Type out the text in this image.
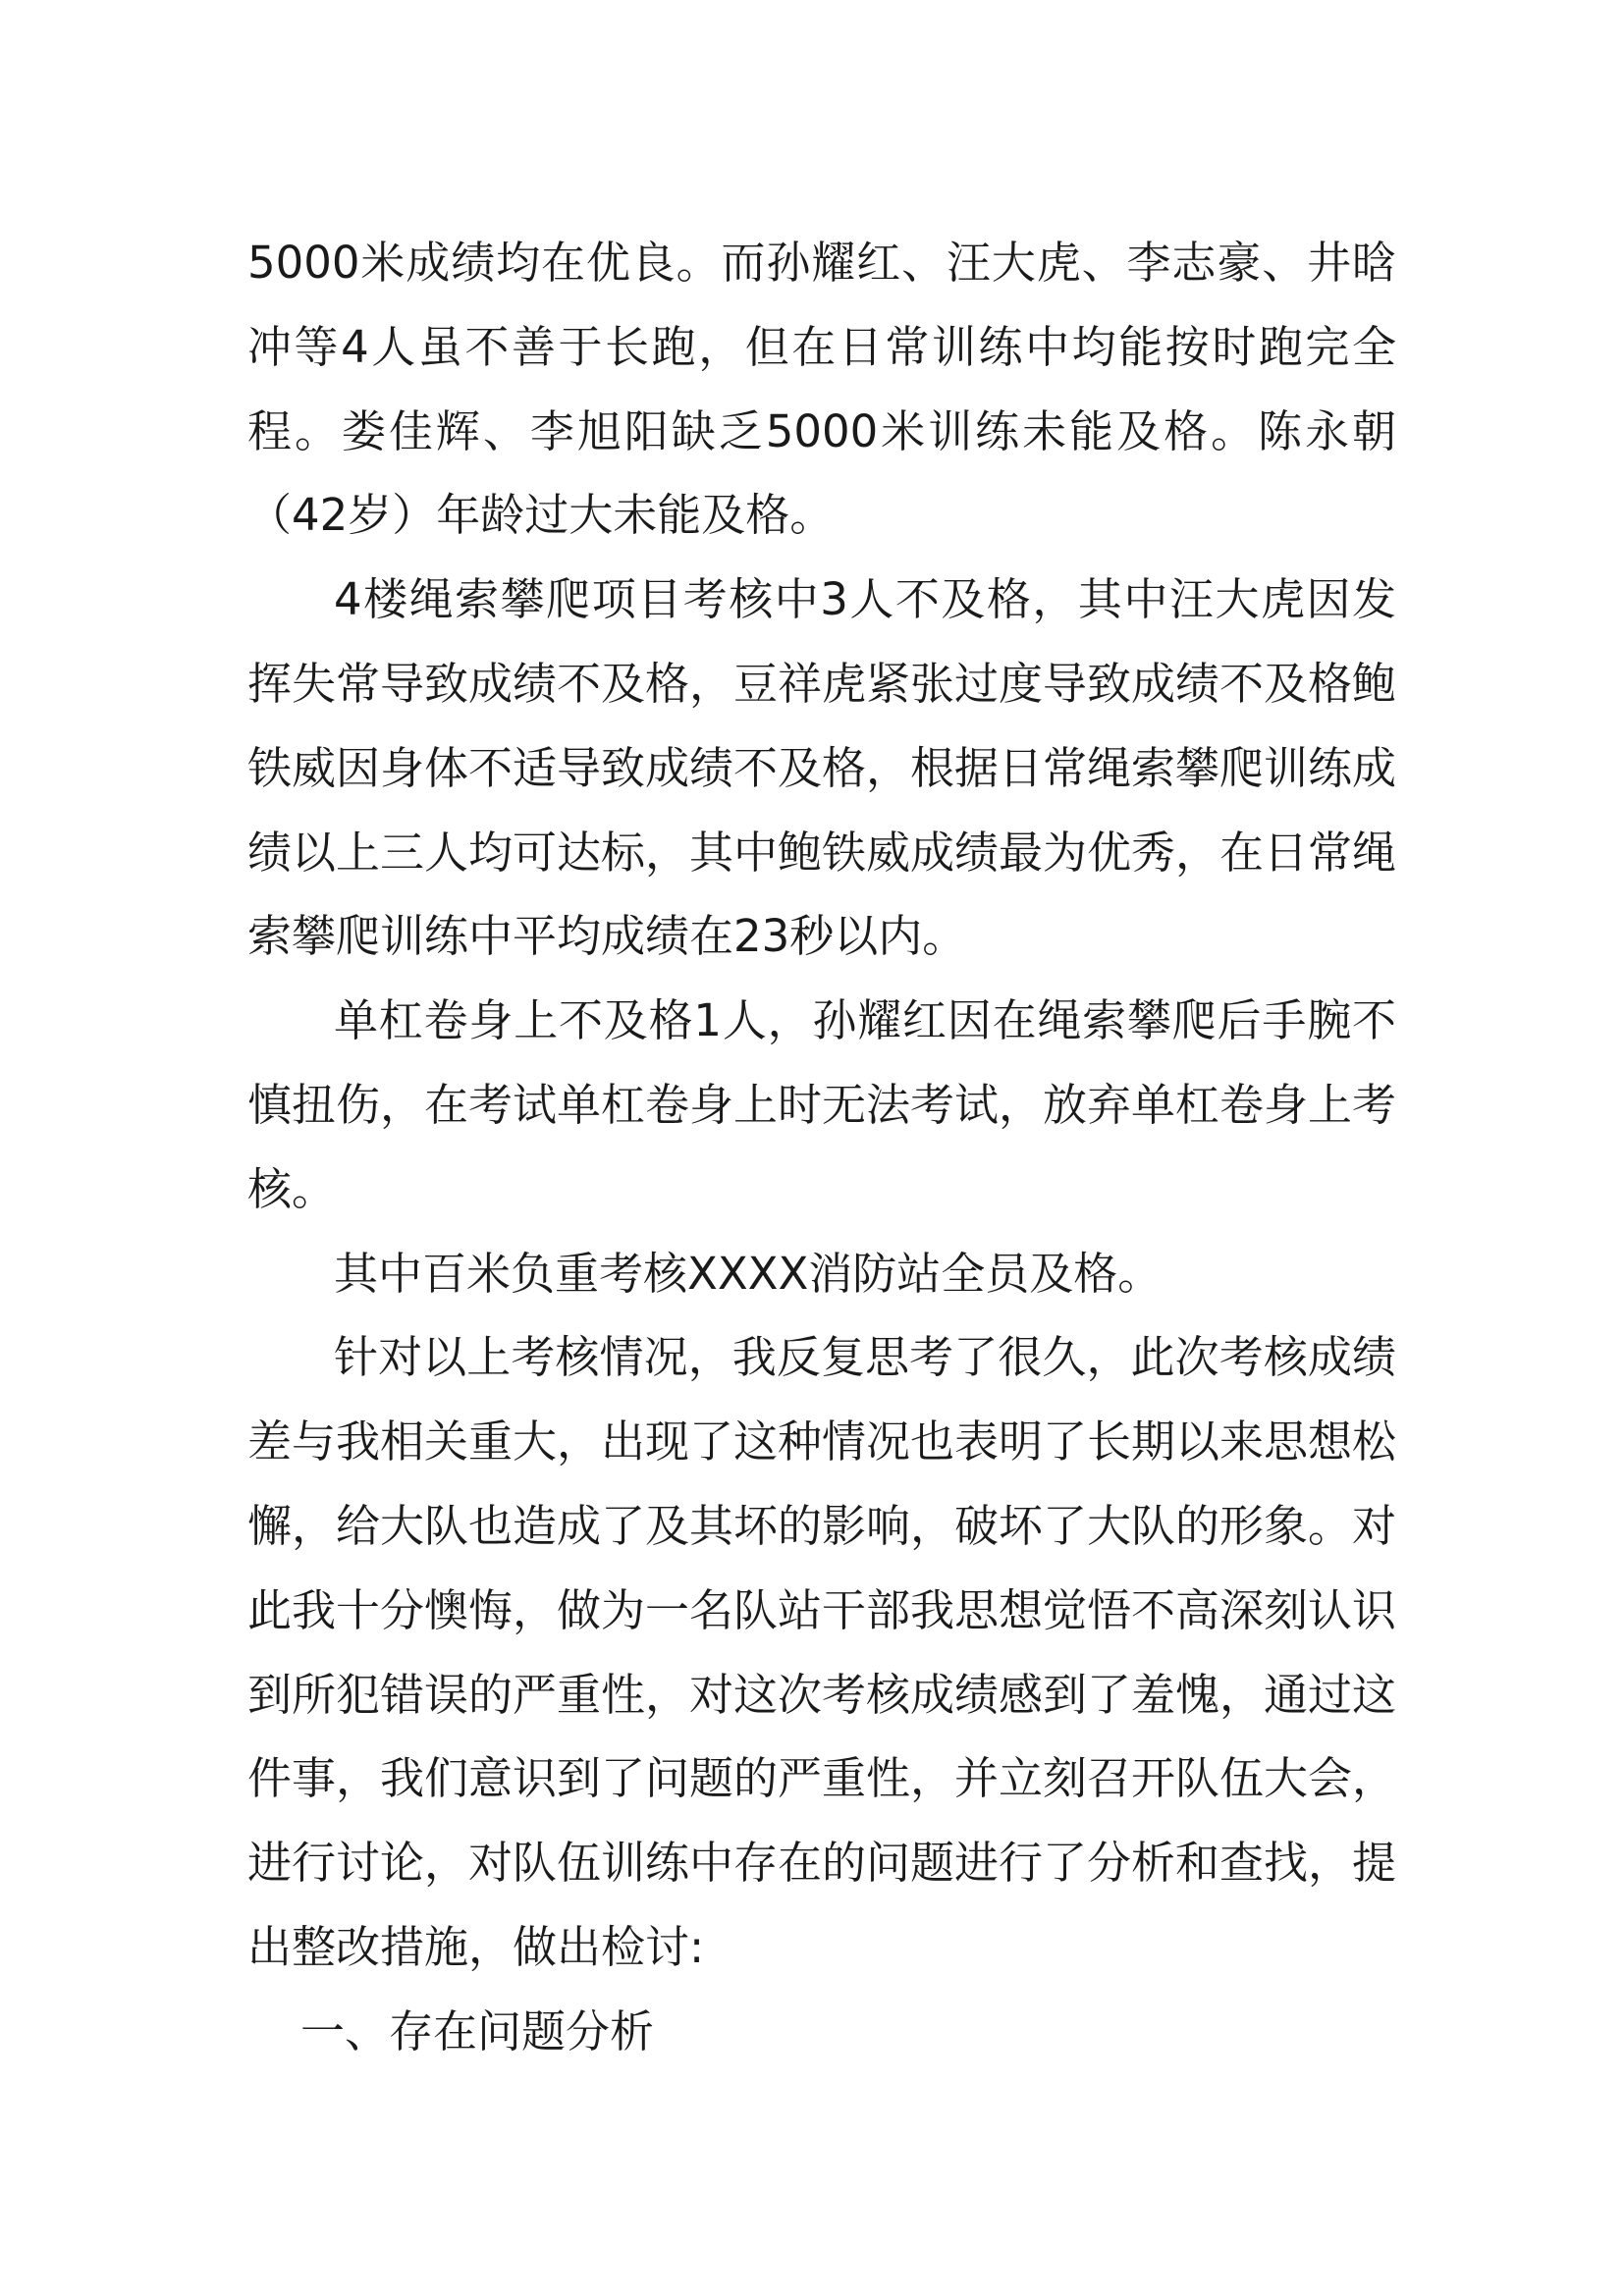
5000米成绩均在优良。而孙耀红、汪大虎、李志豪、井晗冲等4人虽不善于长跑，但在日常训练中均能按时跑完全程。娄佳辉、李旭阳缺乏5000米训练未能及格。陈永朝（42岁）年龄过大未能及格。

4楼绳索攀爬项目考核中3人不及格，其中汪大虎因发挥失常导致成绩不及格，豆祥虎紧张过度导致成绩不及格鲍铁威因身体不适导致成绩不及格，根据日常绳索攀爬训练成绩以上三人均可达标，其中鲍铁威成绩最为优秀，在日常绳索攀爬训练中平均成绩在23秒以内。

单杠卷身上不及格1人，孙耀红因在绳索攀爬后手腕不慎扭伤，在考试单杠卷身上时无法考试，放弃单杠卷身上考核。

其中百米负重考核XXXX消防站全员及格。

针对以上考核情况，我反复思考了很久，此次考核成绩差与我相关重大，出现了这种情况也表明了长期以来思想松懈，给大队也造成了及其坏的影响，破坏了大队的形象。对此我十分懊悔，做为一名队站干部我思想觉悟不高深刻认识到所犯错误的严重性，对这次考核成绩感到了羞愧，通过这件事，我们意识到了问题的严重性，并立刻召开队伍大会，进行讨论，对队伍训练中存在的问题进行了分析和查找，提出整改措施，做出检讨:

一、存在问题分析
